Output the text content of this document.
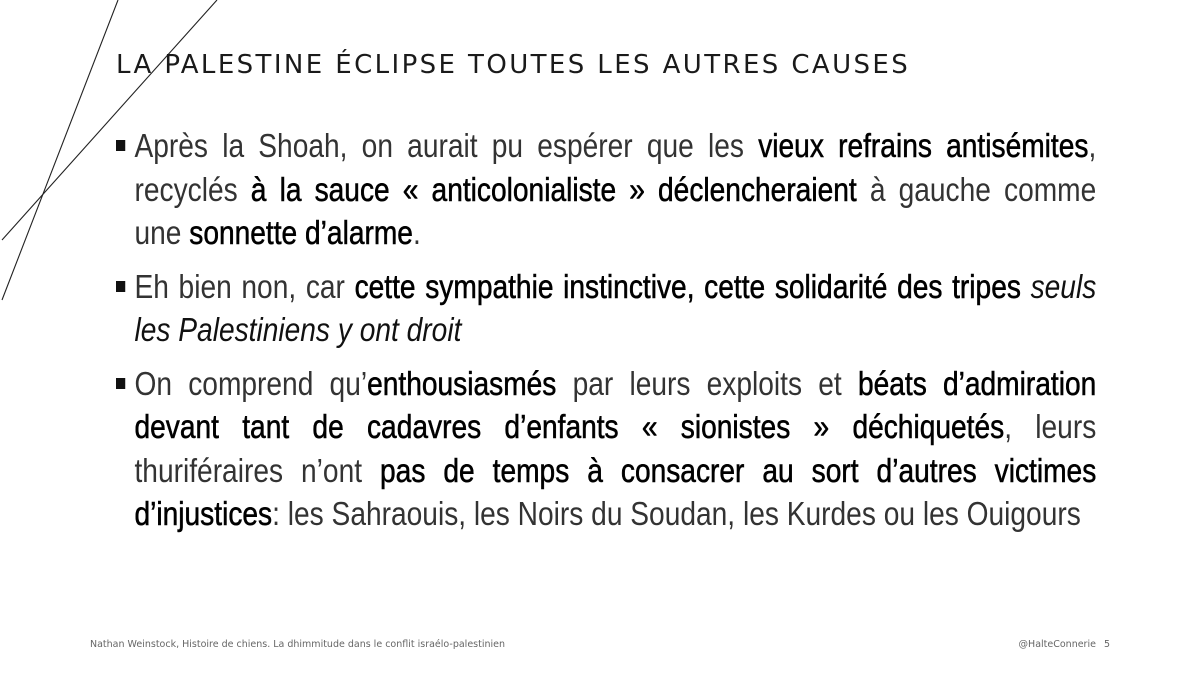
LA PALESTINE ÉCLIPSE TOUTES LES AUTRES CAUSES
Après la Shoah, on aurait pu espérer que les vieux refrains antisémites, recyclés à la sauce « anticolonialiste » déclencheraient à gauche comme une sonnette d’alarme.
Eh bien non, car cette sympathie instinctive, cette solidarité des tripes seuls les Palestiniens y ont droit
On comprend qu’enthousiasmés par leurs exploits et béats d’admiration devant tant de cadavres d’enfants « sionistes » déchiquetés, leurs thuriféraires n’ont pas de temps à consacrer au sort d’autres victimes d’injustices: les Sahraouis, les Noirs du Soudan, les Kurdes ou les Ouigours
Nathan Weinstock, Histoire de chiens. La dhimmitude dans le conflit israélo-palestinien	@HalteConnerie 5
